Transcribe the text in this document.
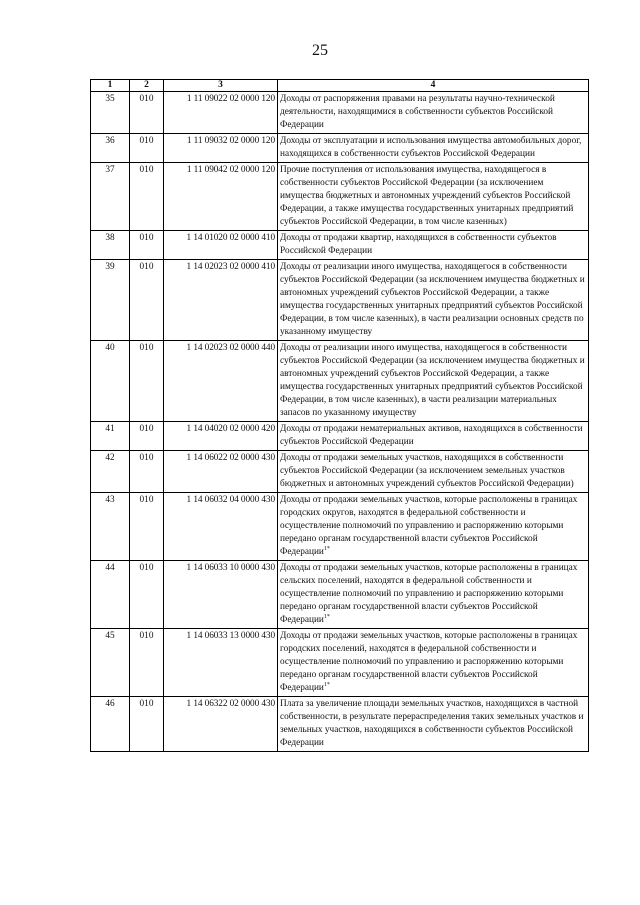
25
1	2	3	4
35	010	1 11 09022 02 0000 120	Доходы от распоряжения правами на результаты научно-технической деятельности, находящимися в собственности субъектов Российской Федерации
36	010	1 11 09032 02 0000 120	Доходы от эксплуатации и использования имущества автомобильных дорог, находящихся в собственности субъектов Российской Федерации
37	010	1 11 09042 02 0000 120	Прочие поступления от использования имущества, находящегося в собственности субъектов Российской Федерации (за исключением имущества бюджетных и автономных учреждений субъектов Российской Федерации, а также имущества государственных унитарных предприятий субъектов Российской Федерации, в том числе казенных)
38	010	1 14 01020 02 0000 410	Доходы от продажи квартир, находящихся в собственности субъектов Российской Федерации
39	010	1 14 02023 02 0000 410	Доходы от реализации иного имущества, находящегося в собственности субъектов Российской Федерации (за исключением имущества бюджетных и автономных учреждений субъектов Российской Федерации, а также имущества государственных унитарных предприятий субъектов Российской Федерации, в том числе казенных), в части реализации основных средств по указанному имуществу
40	010	1 14 02023 02 0000 440	Доходы от реализации иного имущества, находящегося в собственности субъектов Российской Федерации (за исключением имущества бюджетных и автономных учреждений субъектов Российской Федерации, а также имущества государственных унитарных предприятий субъектов Российской Федерации, в том числе казенных), в части реализации материальных запасов по указанному имуществу
41	010	1 14 04020 02 0000 420	Доходы от продажи нематериальных активов, находящихся в собственности субъектов Российской Федерации
42	010	1 14 06022 02 0000 430	Доходы от продажи земельных участков, находящихся в собственности субъектов Российской Федерации (за исключением земельных участков бюджетных и автономных учреждений субъектов Российской Федерации)
43	010	1 14 06032 04 0000 430	Доходы от продажи земельных участков, которые расположены в границах городских округов, находятся в федеральной собственности и осуществление полномочий по управлению и распоряжению которыми передано органам государственной власти субъектов Российской Федерации$^{1*}$
44	010	1 14 06033 10 0000 430	Доходы от продажи земельных участков, которые расположены в границах сельских поселений, находятся в федеральной собственности и осуществление полномочий по управлению и распоряжению которыми передано органам государственной власти субъектов Российской Федерации$^{1*}$
45	010	1 14 06033 13 0000 430	Доходы от продажи земельных участков, которые расположены в границах городских поселений, находятся в федеральной собственности и осуществление полномочий по управлению и распоряжению которыми передано органам государственной власти субъектов Российской Федерации$^{1*}$
46	010	1 14 06322 02 0000 430	Плата за увеличение площади земельных участков, находящихся в частной собственности, в результате перераспределения таких земельных участков и земельных участков, находящихся в собственности субъектов Российской Федерации
